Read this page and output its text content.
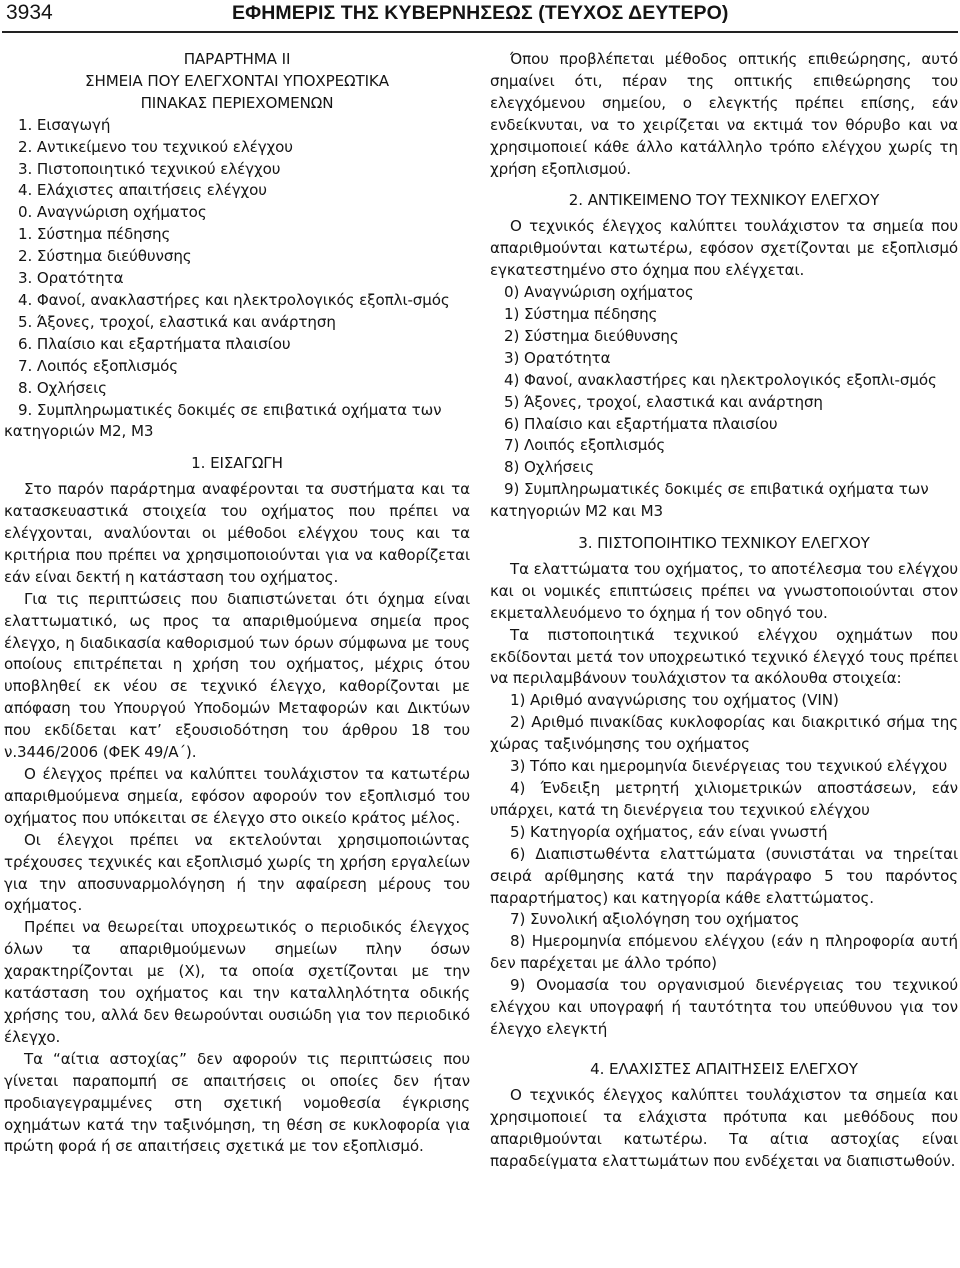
3934	ΕΦΗΜΕΡΙΣ ΤΗΣ ΚΥΒΕΡΝΗΣΕΩΣ (ΤΕΥΧΟΣ ΔΕΥΤΕΡΟ)

ΠΑΡΑΡΤΗΜΑ ΙΙ

ΣΗΜΕΙΑ ΠΟΥ ΕΛΕΓΧΟΝΤΑΙ ΥΠΟΧΡΕΩΤΙΚΑ

ΠΙΝΑΚΑΣ ΠΕΡΙΕΧΟΜΕΝΩΝ

1. Εισαγωγή

2. Αντικείμενο του τεχνικού ελέγχου

3. Πιστοποιητικό τεχνικού ελέγχου

4. Ελάχιστες απαιτήσεις ελέγχου

0. Αναγνώριση οχήματος

1. Σύστημα πέδησης

2. Σύστημα διεύθυνσης

3. Ορατότητα

4. Φανοί, ανακλαστήρες και ηλεκτρολογικός εξοπλι-σμός

5. Άξονες, τροχοί, ελαστικά και ανάρτηση

6. Πλαίσιο και εξαρτήματα πλαισίου

7. Λοιπός εξοπλισμός

8. Οχλήσεις

9. Συμπληρωματικές δοκιμές σε επιβατικά οχήματα των κατηγοριών M2, M3

1. ΕΙΣΑΓΩΓΗ

Στο παρόν παράρτημα αναφέρονται τα συστήματα και τα κατασκευαστικά στοιχεία του οχήματος που πρέπει να ελέγχονται, αναλύονται οι μέθοδοι ελέγχου τους και τα κριτήρια που πρέπει να χρησιμοποιούνται για να καθορίζεται εάν είναι δεκτή η κατάσταση του οχήματος.

Για τις περιπτώσεις που διαπιστώνεται ότι όχημα είναι ελαττωματικό, ως προς τα απαριθμούμενα σημεία προς έλεγχο, η διαδικασία καθορισμού των όρων σύμφωνα με τους οποίους επιτρέπεται η χρήση του οχήματος, μέχρις ότου υποβληθεί εκ νέου σε τεχνικό έλεγχο, καθορίζονται με απόφαση του Υπουργού Υποδομών Μεταφορών και Δικτύων που εκδίδεται κατ’ εξουσιοδότηση του άρθρου 18 του ν.3446/2006 (ΦΕΚ 49/Α΄).

Ο έλεγχος πρέπει να καλύπτει τουλάχιστον τα κατωτέρω απαριθμούμενα σημεία, εφόσον αφορούν τον εξοπλισμό του οχήματος που υπόκειται σε έλεγχο στο οικείο κράτος μέλος.

Οι έλεγχοι πρέπει να εκτελούνται χρησιμοποιώντας τρέχουσες τεχνικές και εξοπλισμό χωρίς τη χρήση εργαλείων για την αποσυναρμολόγηση ή την αφαίρεση μέρους του οχήματος.

Πρέπει να θεωρείται υποχρεωτικός ο περιοδικός έλεγχος όλων τα απαριθμούμενων σημείων πλην όσων χαρακτηρίζονται με (Χ), τα οποία σχετίζονται με την κατάσταση του οχήματος και την καταλληλότητα οδικής χρήσης του, αλλά δεν θεωρούνται ουσιώδη για τον περιοδικό έλεγχο.

Τα “αίτια αστοχίας” δεν αφορούν τις περιπτώσεις που γίνεται παραπομπή σε απαιτήσεις οι οποίες δεν ήταν προδιαγεγραμμένες στη σχετική νομοθεσία έγκρισης οχημάτων κατά την ταξινόμηση, τη θέση σε κυκλοφορία για πρώτη φορά ή σε απαιτήσεις σχετικά με τον εξοπλισμό.

Όπου προβλέπεται μέθοδος οπτικής επιθεώρησης, αυτό σημαίνει ότι, πέραν της οπτικής επιθεώρησης του ελεγχόμενου σημείου, ο ελεγκτής πρέπει επίσης, εάν ενδείκνυται, να το χειρίζεται να εκτιμά τον θόρυβο και να χρησιμοποιεί κάθε άλλο κατάλληλο τρόπο ελέγχου χωρίς τη χρήση εξοπλισμού.

2. ΑΝΤΙΚΕΙΜΕΝΟ ΤΟΥ ΤΕΧΝΙΚΟΥ ΕΛΕΓΧΟΥ

Ο τεχνικός έλεγχος καλύπτει τουλάχιστον τα σημεία που απαριθμούνται κατωτέρω, εφόσον σχετίζονται με εξοπλισμό εγκατεστημένο στο όχημα που ελέγχεται.

0) Αναγνώριση οχήματος

1) Σύστημα πέδησης

2) Σύστημα διεύθυνσης

3) Ορατότητα

4) Φανοί, ανακλαστήρες και ηλεκτρολογικός εξοπλι-σμός

5) Άξονες, τροχοί, ελαστικά και ανάρτηση

6) Πλαίσιο και εξαρτήματα πλαισίου

7) Λοιπός εξοπλισμός

8) Οχλήσεις

9) Συμπληρωματικές δοκιμές σε επιβατικά οχήματα των κατηγοριών M2 και M3

3. ΠΙΣΤΟΠΟΙΗΤΙΚΟ ΤΕΧΝΙΚΟΥ ΕΛΕΓΧΟΥ

Τα ελαττώματα του οχήματος, το αποτέλεσμα του ελέγχου και οι νομικές επιπτώσεις πρέπει να γνωστοποιούνται στον εκμεταλλευόμενο το όχημα ή τον οδηγό του.

Τα πιστοποιητικά τεχνικού ελέγχου οχημάτων που εκδίδονται μετά τον υποχρεωτικό τεχνικό έλεγχό τους πρέπει να περιλαμβάνουν τουλάχιστον τα ακόλουθα στοιχεία:

1) Αριθμό αναγνώρισης του οχήματος (VIN)

2) Αριθμό πινακίδας κυκλοφορίας και διακριτικό σήμα της χώρας ταξινόμησης του οχήματος

3) Τόπο και ημερομηνία διενέργειας του τεχνικού ελέγχου

4) Ένδειξη μετρητή χιλιομετρικών αποστάσεων, εάν υπάρχει, κατά τη διενέργεια του τεχνικού ελέγχου

5) Κατηγορία οχήματος, εάν είναι γνωστή

6) Διαπιστωθέντα ελαττώματα (συνιστάται να τηρείται σειρά αρίθμησης κατά την παράγραφο 5 του παρόντος παραρτήματος) και κατηγορία κάθε ελαττώματος.

7) Συνολική αξιολόγηση του οχήματος

8) Ημερομηνία επόμενου ελέγχου (εάν η πληροφορία αυτή δεν παρέχεται με άλλο τρόπο)

9) Ονομασία του οργανισμού διενέργειας του τεχνικού ελέγχου και υπογραφή ή ταυτότητα του υπεύθυνου για τον έλεγχο ελεγκτή

4. ΕΛΑΧΙΣΤΕΣ ΑΠΑΙΤΗΣΕΙΣ ΕΛΕΓΧΟΥ

Ο τεχνικός έλεγχος καλύπτει τουλάχιστον τα σημεία και χρησιμοποιεί τα ελάχιστα πρότυπα και μεθόδους που απαριθμούνται κατωτέρω. Τα αίτια αστοχίας είναι παραδείγματα ελαττωμάτων που ενδέχεται να διαπιστωθούν.
